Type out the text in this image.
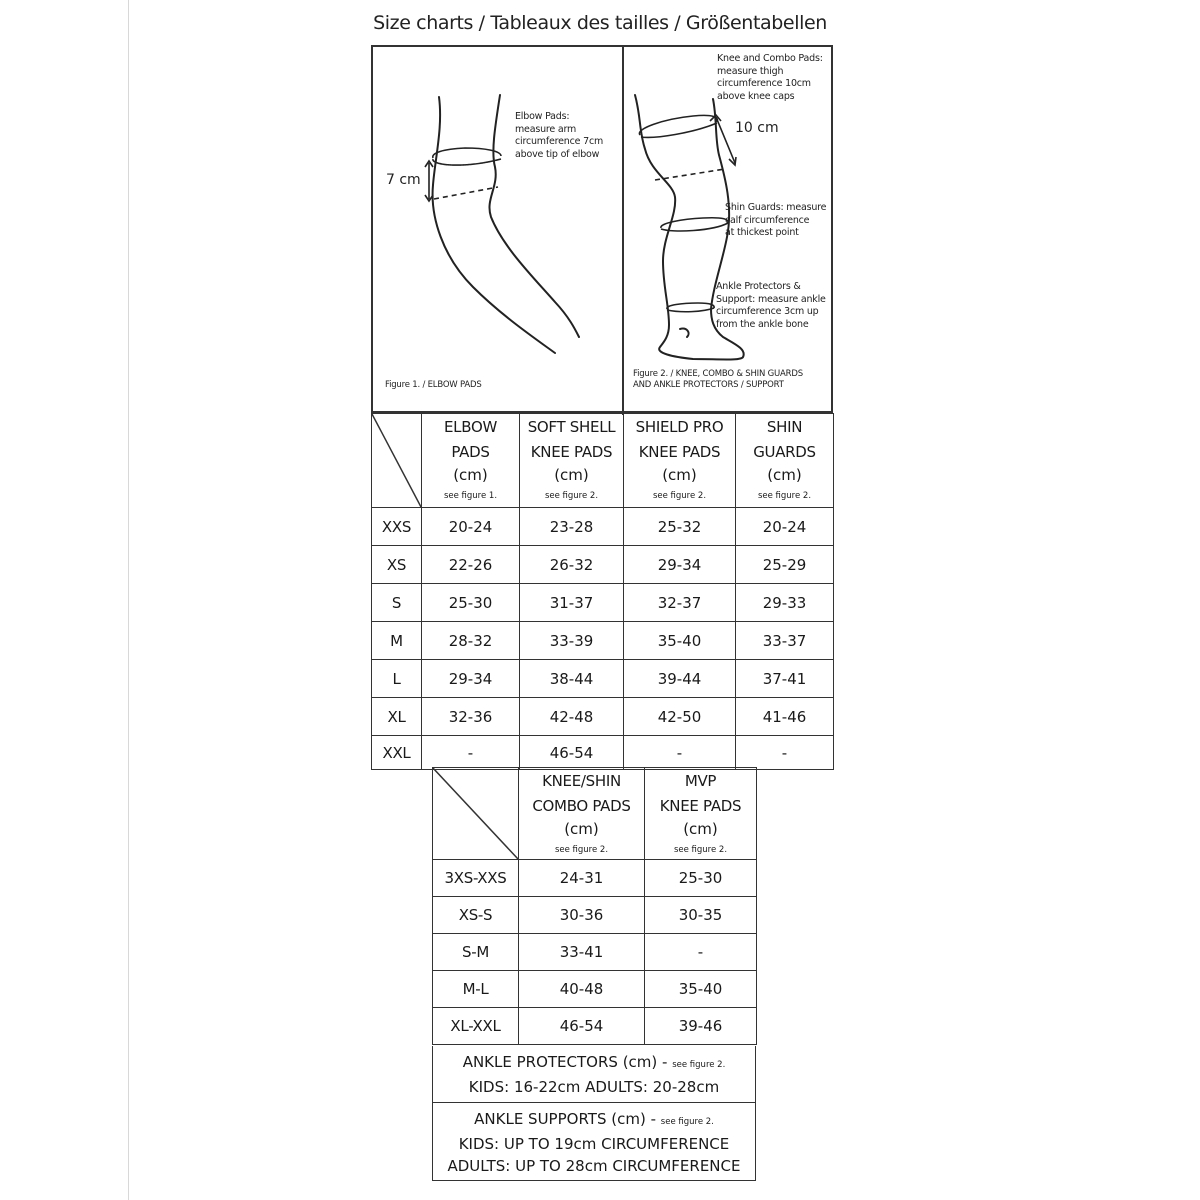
Size charts / Tableaux des tailles / Größentabellen
Elbow Pads:
measure arm
circumference 7cm
above tip of elbow
7 cm
Figure 1. / ELBOW PADS
Knee and Combo Pads:
measure thigh
circumference 10cm
above knee caps
10 cm
Shin Guards: measure
calf circumference
at thickest point
Ankle Protectors &
Support: measure ankle
circumference 3cm up
from the ankle bone
Figure 2. / KNEE, COMBO & SHIN GUARDS
AND ANKLE PROTECTORS / SUPPORT

ELBOW
PADS
(cm)
see figure 1.	SOFT SHELL
KNEE PADS
(cm)
see figure 2.	SHIELD PRO
KNEE PADS
(cm)
see figure 2.	SHIN
GUARDS
(cm)
see figure 2.

XXS	20-24	23-28	25-32	20-24
XS	22-26	26-32	29-34	25-29
S	25-30	31-37	32-37	29-33
M	28-32	33-39	35-40	33-37
L	29-34	38-44	39-44	37-41
XL	32-36	42-48	42-50	41-46
XXL	-	46-54	-	-

KNEE/SHIN
COMBO PADS
(cm)
see figure 2.	MVP
KNEE PADS
(cm)
see figure 2.

3XS-XXS	24-31	25-30
XS-S	30-36	30-35
S-M	33-41	-
M-L	40-48	35-40
XL-XXL	46-54	39-46
ANKLE PROTECTORS (cm) - see figure 2.
KIDS: 16-22cm ADULTS: 20-28cm
ANKLE SUPPORTS (cm) - see figure 2.
KIDS: UP TO 19cm CIRCUMFERENCE
ADULTS: UP TO 28cm CIRCUMFERENCE
